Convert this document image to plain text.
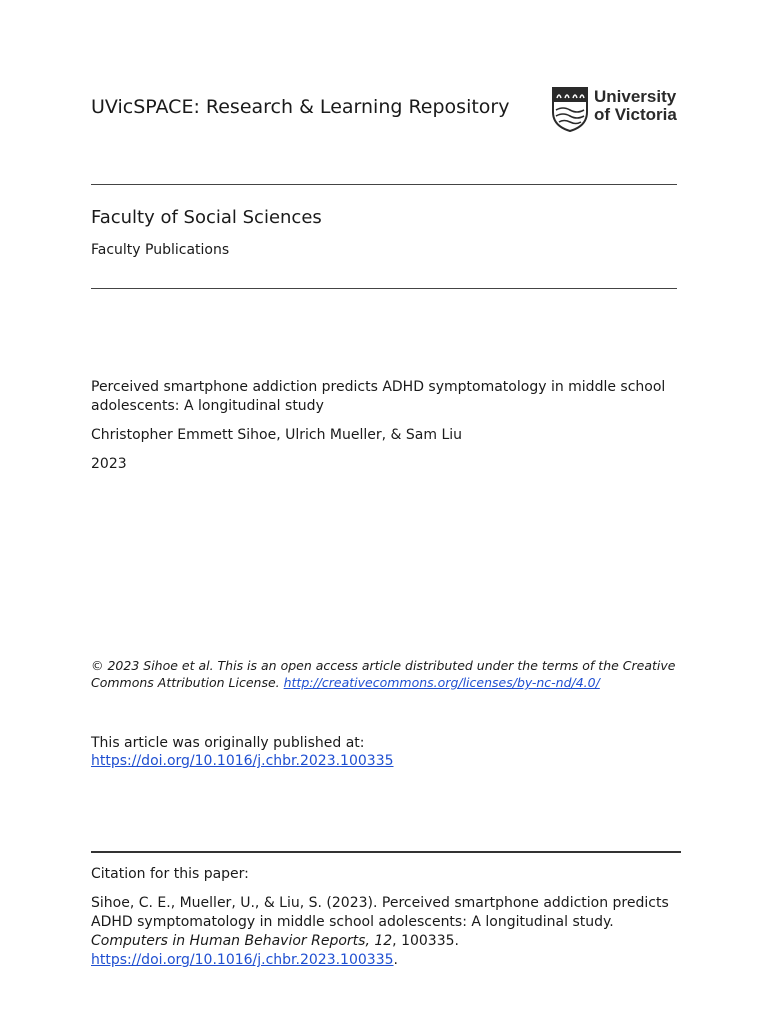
UVicSPACE: Research & Learning Repository	University
of Victoria
Faculty of Social Sciences
Faculty Publications
Perceived smartphone addiction predicts ADHD symptomatology in middle school adolescents: A longitudinal study
Christopher Emmett Sihoe, Ulrich Mueller, & Sam Liu
2023
© 2023 Sihoe et al. This is an open access article distributed under the terms of the Creative Commons Attribution License. http://creativecommons.org/licenses/by-nc-nd/4.0/
This article was originally published at:
https://doi.org/10.1016/j.chbr.2023.100335
Citation for this paper:
Sihoe, C. E., Mueller, U., & Liu, S. (2023). Perceived smartphone addiction predicts ADHD symptomatology in middle school adolescents: A longitudinal study. Computers in Human Behavior Reports, 12, 100335. https://doi.org/10.1016/j.chbr.2023.100335.
